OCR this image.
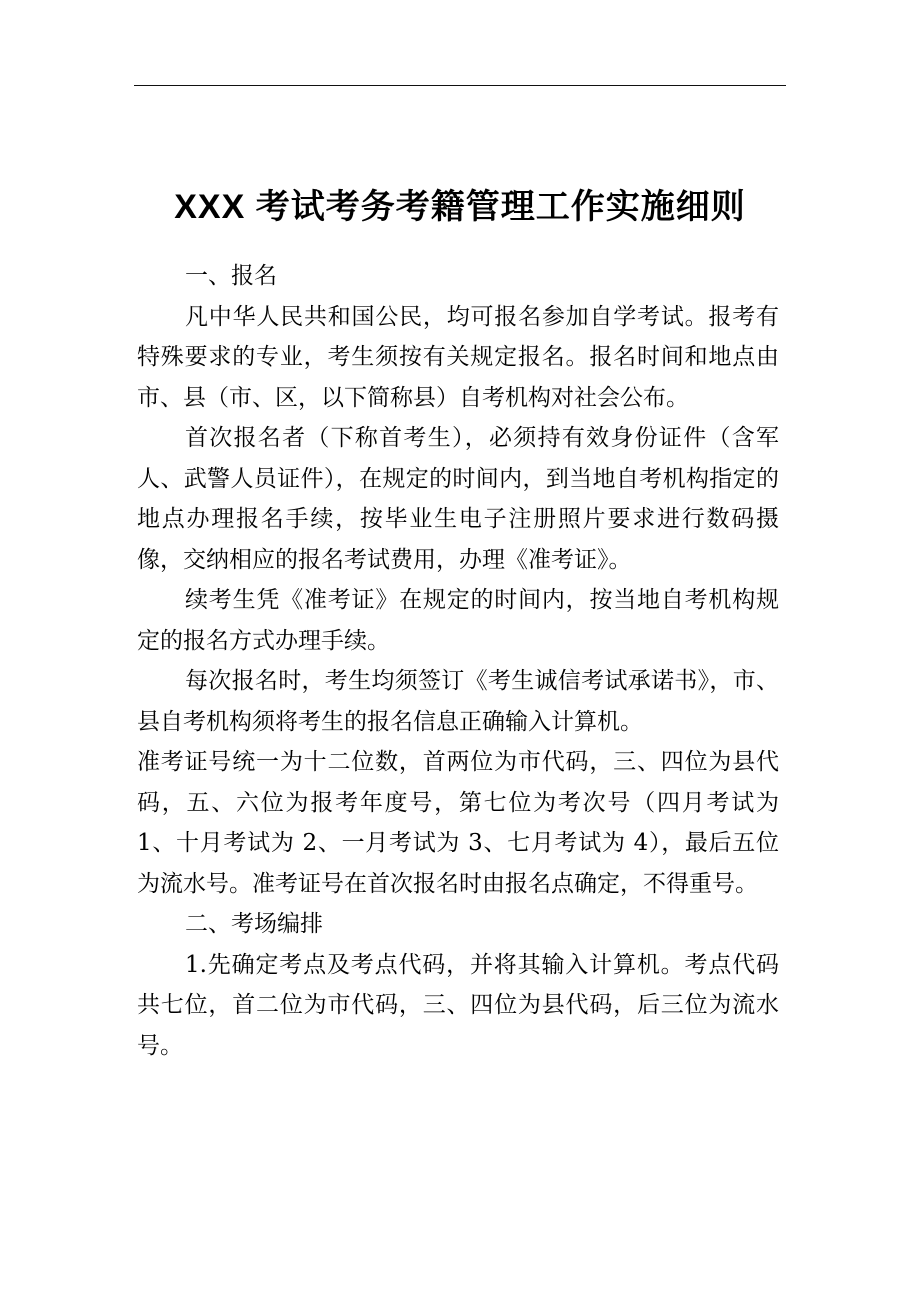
XXX 考试考务考籍管理工作实施细则

一、报名

凡中华人民共和国公民，均可报名参加自学考试。报考有特殊要求的专业，考生须按有关规定报名。报名时间和地点由市、县（市、区，以下简称县）自考机构对社会公布。

首次报名者（下称首考生），必须持有效身份证件（含军人、武警人员证件），在规定的时间内，到当地自考机构指定的地点办理报名手续，按毕业生电子注册照片要求进行数码摄像，交纳相应的报名考试费用，办理《准考证》。

续考生凭《准考证》在规定的时间内，按当地自考机构规定的报名方式办理手续。

每次报名时，考生均须签订《考生诚信考试承诺书》，市、县自考机构须将考生的报名信息正确输入计算机。

准考证号统一为十二位数，首两位为市代码，三、四位为县代码，五、六位为报考年度号，第七位为考次号（四月考试为 1、十月考试为 2、一月考试为 3、七月考试为 4），最后五位为流水号。准考证号在首次报名时由报名点确定，不得重号。

二、考场编排

1.先确定考点及考点代码，并将其输入计算机。考点代码共七位，首二位为市代码，三、四位为县代码，后三位为流水号。
